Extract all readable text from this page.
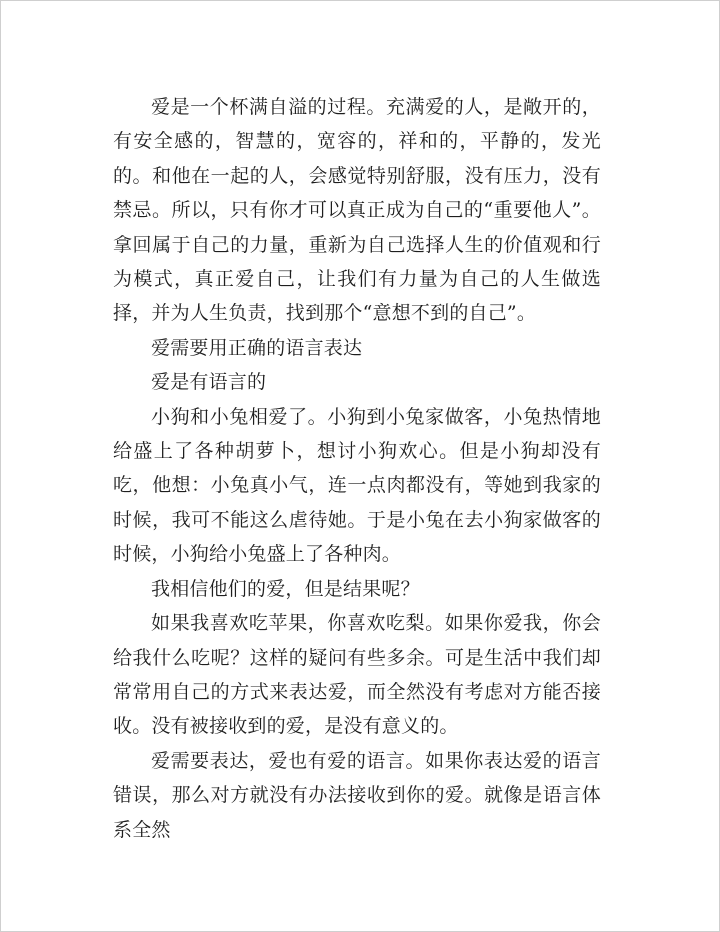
爱是一个杯满自溢的过程。充满爱的人，是敞开的，有安全感的，智慧的，宽容的，祥和的，平静的，发光的。和他在一起的人，会感觉特别舒服，没有压力，没有禁忌。所以，只有你才可以真正成为自己的“重要他人”。拿回属于自己的力量，重新为自己选择人生的价值观和行为模式，真正爱自己，让我们有力量为自己的人生做选择，并为人生负责，找到那个“意想不到的自己”。

爱需要用正确的语言表达

爱是有语言的

小狗和小兔相爱了。小狗到小兔家做客，小兔热情地给盛上了各种胡萝卜，想讨小狗欢心。但是小狗却没有吃，他想：小兔真小气，连一点肉都没有，等她到我家的时候，我可不能这么虐待她。于是小兔在去小狗家做客的时候，小狗给小兔盛上了各种肉。

我相信他们的爱，但是结果呢？

如果我喜欢吃苹果，你喜欢吃梨。如果你爱我，你会给我什么吃呢？这样的疑问有些多余。可是生活中我们却常常用自己的方式来表达爱，而全然没有考虑对方能否接收。没有被接收到的爱，是没有意义的。

爱需要表达，爱也有爱的语言。如果你表达爱的语言错误，那么对方就没有办法接收到你的爱。就像是语言体系全然
